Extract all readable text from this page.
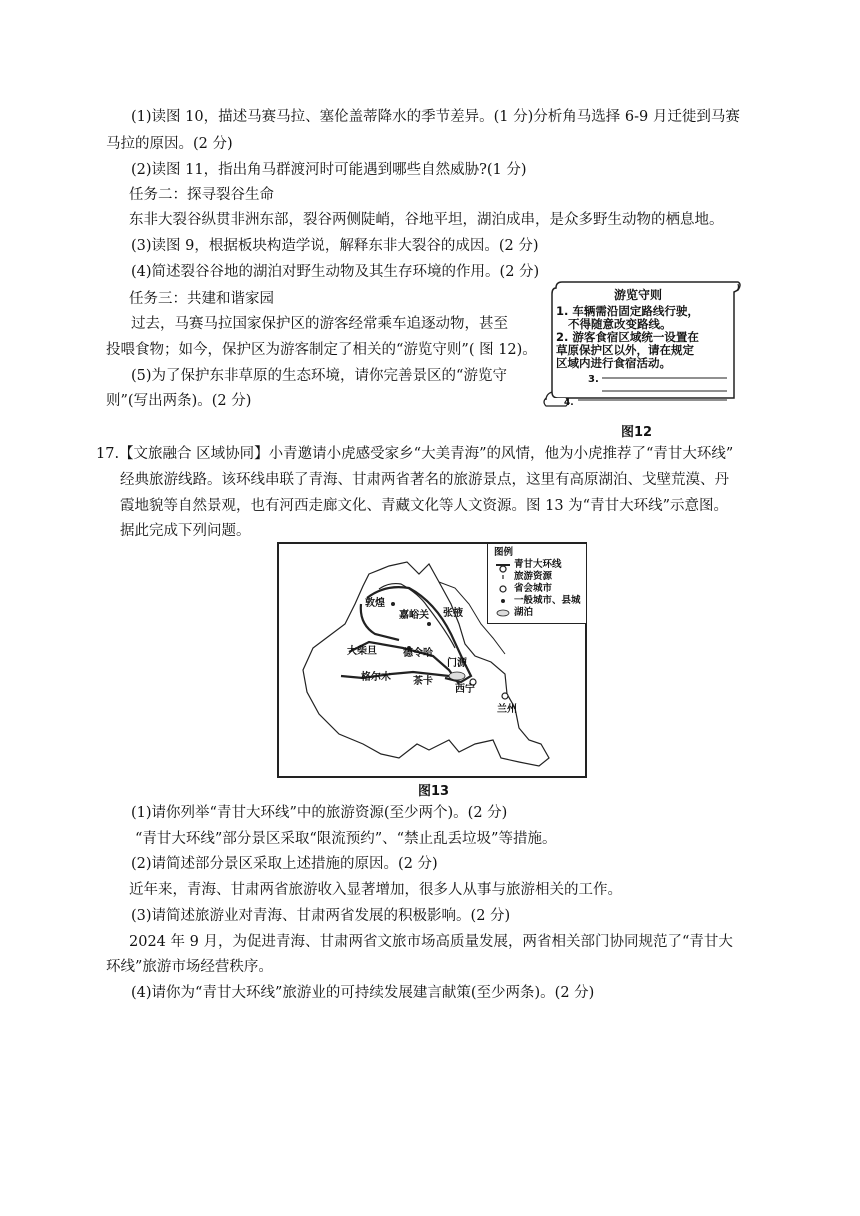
(1)读图 10，描述马赛马拉、塞伦盖蒂降水的季节差异。(1 分)分析角马选择 6-9 月迁徙到马赛
马拉的原因。(2 分)
(2)读图 11，指出角马群渡河时可能遇到哪些自然威胁?(1 分)
任务二：探寻裂谷生命
东非大裂谷纵贯非洲东部，裂谷两侧陡峭，谷地平坦，湖泊成串，是众多野生动物的栖息地。
(3)读图 9，根据板块构造学说，解释东非大裂谷的成因。(2 分)
(4)简述裂谷谷地的湖泊对野生动物及其生存环境的作用。(2 分)
任务三：共建和谐家园
过去，马赛马拉国家保护区的游客经常乘车追逐动物，甚至
投喂食物；如今，保护区为游客制定了相关的“游览守则”( 图 12)。
(5)为了保护东非草原的生态环境，请你完善景区的“游览守
则”(写出两条)。(2 分)
游览守则
1. 车辆需沿固定路线行驶，
不得随意改变路线。
2. 游客食宿区域统一设置在
草原保护区以外，请在规定
区域内进行食宿活动。
3.
4.
图12
17.【文旅融合 区域协同】小青邀请小虎感受家乡“大美青海”的风情，他为小虎推荐了“青甘大环线”
经典旅游线路。该环线串联了青海、甘肃两省著名的旅游景点，这里有高原湖泊、戈壁荒漠、丹
霞地貌等自然景观，也有河西走廊文化、青藏文化等人文资源。图 13 为“青甘大环线”示意图。
据此完成下列问题。
敦煌
嘉峪关 张掖
大柴旦	德令哈
门源
格尔木 茶卡
西宁
兰州
图例
青甘大环线
旅游资源
省会城市
一般城市、县城
湖泊
图13
(1)请你列举“青甘大环线”中的旅游资源(至少两个)。(2 分)
“青甘大环线”部分景区采取“限流预约”、“禁止乱丢垃圾”等措施。
(2)请简述部分景区采取上述措施的原因。(2 分)
近年来，青海、甘肃两省旅游收入显著增加，很多人从事与旅游相关的工作。
(3)请简述旅游业对青海、甘肃两省发展的积极影响。(2 分)
2024 年 9 月，为促进青海、甘肃两省文旅市场高质量发展，两省相关部门协同规范了“青甘大
环线”旅游市场经营秩序。
(4)请你为“青甘大环线”旅游业的可持续发展建言献策(至少两条)。(2 分)
